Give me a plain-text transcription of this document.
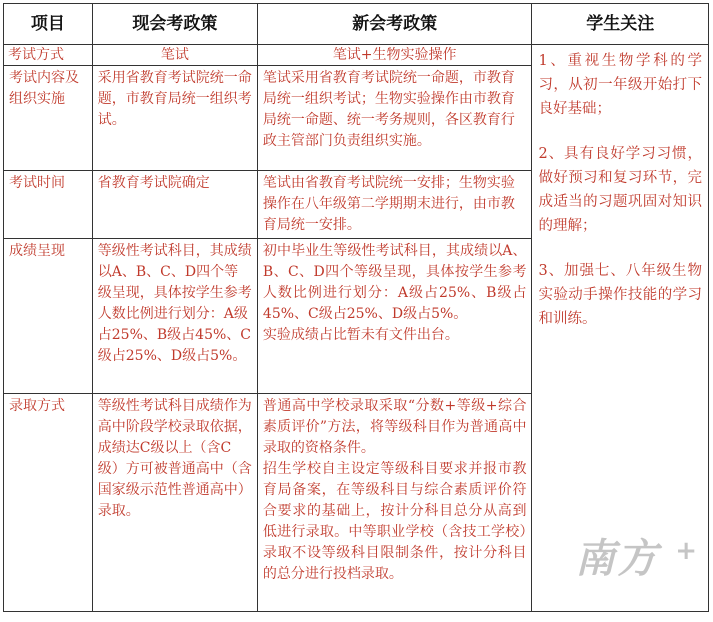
项目	现会考政策	新会考政策	学生关注
考试方式	笔试	笔试+生物实验操作	1、重视生物学科的学习，从初一年级开始打下良好基础；

2、具有良好学习习惯，做好预习和复习环节，完成适当的习题巩固对知识的理解；

3、加强七、八年级生物实验动手操作技能的学习和训练。

考试内容及组织实施	采用省教育考试院统一命题，市教育局统一组织考试。	笔试采用省教育考试院统一命题，市教育局统一组织考试；生物实验操作由市教育局统一命题、统一考务规则，各区教育行政主管部门负责组织实施。	
考试时间	省教育考试院确定	笔试由省教育考试院统一安排；生物实验操作在八年级第二学期期末进行，由市教育局统一安排。	
成绩呈现	等级性考试科目，其成绩以A、B、C、D四个等级呈现，具体按学生参考人数比例进行划分：A级占25%、B级占45%、C级占25%、D级占5%。	初中毕业生等级性考试科目，其成绩以A、B、C、D四个等级呈现，具体按学生参考人数比例进行划分：A级占25%、B级占45%、C级占25%、D级占5%。
实验成绩占比暂未有文件出台。	

录取方式	等级性考试科目成绩作为高中阶段学校录取依据，成绩达C级以上（含C级）方可被普通高中（含国家级示范性普通高中）录取。	普通高中学校录取采取“分数+等级+综合素质评价”方法，将等级科目作为普通高中录取的资格条件。
招生学校自主设定等级科目要求并报市教育局备案，在等级科目与综合素质评价符合要求的基础上，按计分科目总分从高到低进行录取。中等职业学校（含技工学校）录取不设等级科目限制条件，按计分科目的总分进行投档录取。		南方 +
